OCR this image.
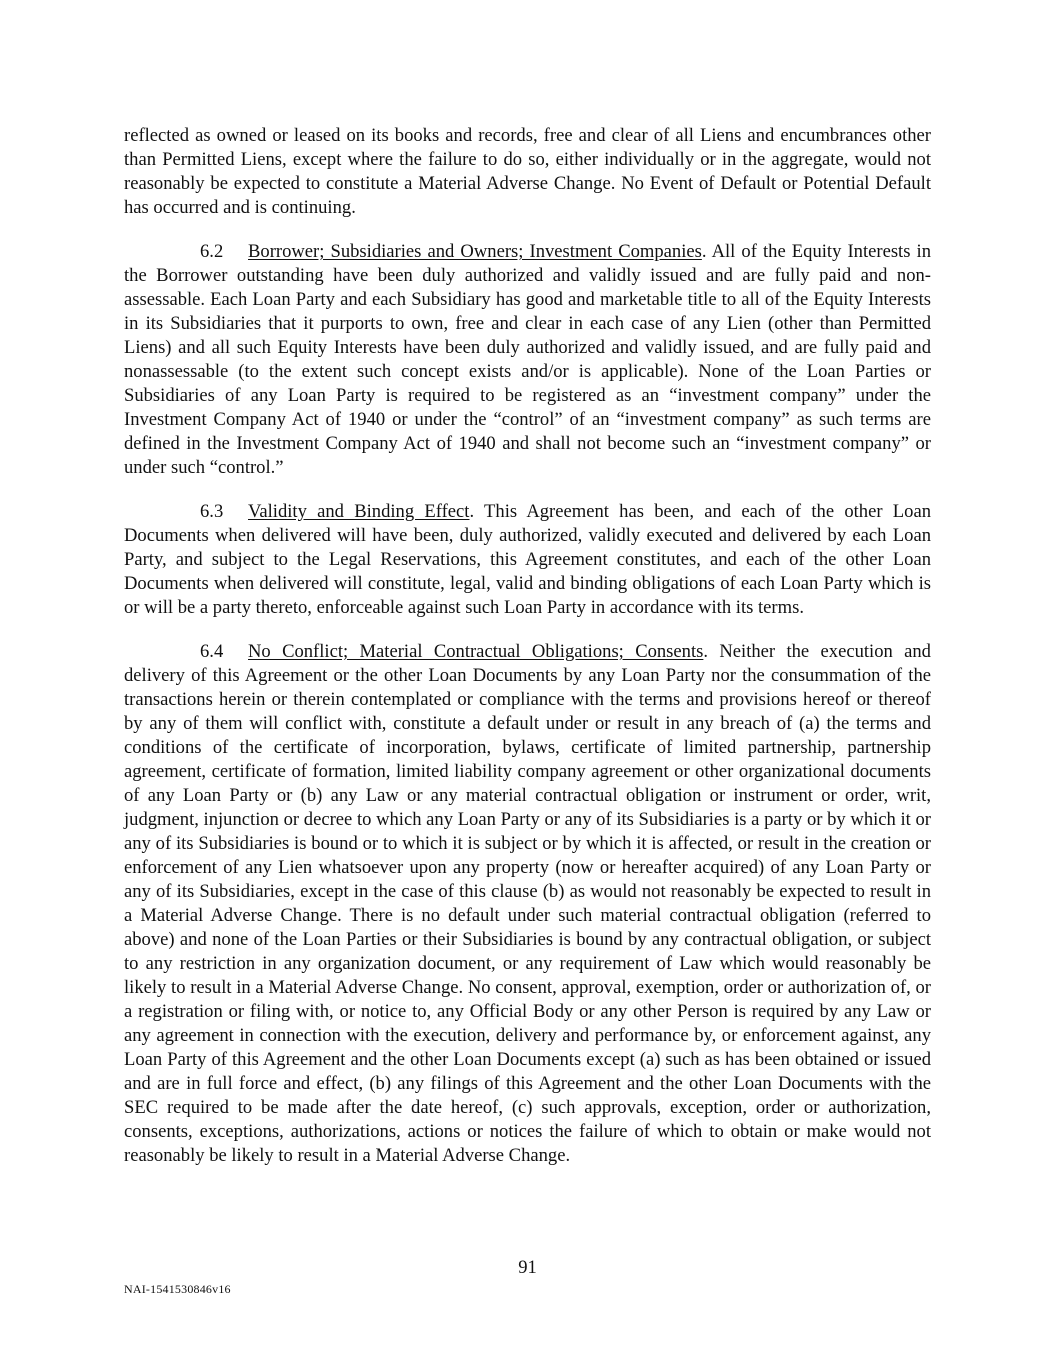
reflected as owned or leased on its books and records, free and clear of all Liens and encumbrances other than Permitted Liens, except where the failure to do so, either individually or in the aggregate, would not reasonably be expected to constitute a Material Adverse Change. No Event of Default or Potential Default has occurred and is continuing.

6.2 Borrower; Subsidiaries and Owners; Investment Companies. All of the Equity Interests in the Borrower outstanding have been duly authorized and validly issued and are fully paid and non-assessable. Each Loan Party and each Subsidiary has good and marketable title to all of the Equity Interests in its Subsidiaries that it purports to own, free and clear in each case of any Lien (other than Permitted Liens) and all such Equity Interests have been duly authorized and validly issued, and are fully paid and nonassessable (to the extent such concept exists and/or is applicable). None of the Loan Parties or Subsidiaries of any Loan Party is required to be registered as an “investment company” under the Investment Company Act of 1940 or under the “control” of an “investment company” as such terms are defined in the Investment Company Act of 1940 and shall not become such an “investment company” or under such “control.”

6.3 Validity and Binding Effect. This Agreement has been, and each of the other Loan Documents when delivered will have been, duly authorized, validly executed and delivered by each Loan Party, and subject to the Legal Reservations, this Agreement constitutes, and each of the other Loan Documents when delivered will constitute, legal, valid and binding obligations of each Loan Party which is or will be a party thereto, enforceable against such Loan Party in accordance with its terms.

6.4 No Conflict; Material Contractual Obligations; Consents. Neither the execution and delivery of this Agreement or the other Loan Documents by any Loan Party nor the consummation of the transactions herein or therein contemplated or compliance with the terms and provisions hereof or thereof by any of them will conflict with, constitute a default under or result in any breach of (a) the terms and conditions of the certificate of incorporation, bylaws, certificate of limited partnership, partnership agreement, certificate of formation, limited liability company agreement or other organizational documents of any Loan Party or (b) any Law or any material contractual obligation or instrument or order, writ, judgment, injunction or decree to which any Loan Party or any of its Subsidiaries is a party or by which it or any of its Subsidiaries is bound or to which it is subject or by which it is affected, or result in the creation or enforcement of any Lien whatsoever upon any property (now or hereafter acquired) of any Loan Party or any of its Subsidiaries, except in the case of this clause (b) as would not reasonably be expected to result in a Material Adverse Change. There is no default under such material contractual obligation (referred to above) and none of the Loan Parties or their Subsidiaries is bound by any contractual obligation, or subject to any restriction in any organization document, or any requirement of Law which would reasonably be likely to result in a Material Adverse Change. No consent, approval, exemption, order or authorization of, or a registration or filing with, or notice to, any Official Body or any other Person is required by any Law or any agreement in connection with the execution, delivery and performance by, or enforcement against, any Loan Party of this Agreement and the other Loan Documents except (a) such as has been obtained or issued and are in full force and effect, (b) any filings of this Agreement and the other Loan Documents with the SEC required to be made after the date hereof, (c) such approvals, exception, order or authorization, consents, exceptions, authorizations, actions or notices the failure of which to obtain or make would not reasonably be likely to result in a Material Adverse Change.

91
NAI-1541530846v16
